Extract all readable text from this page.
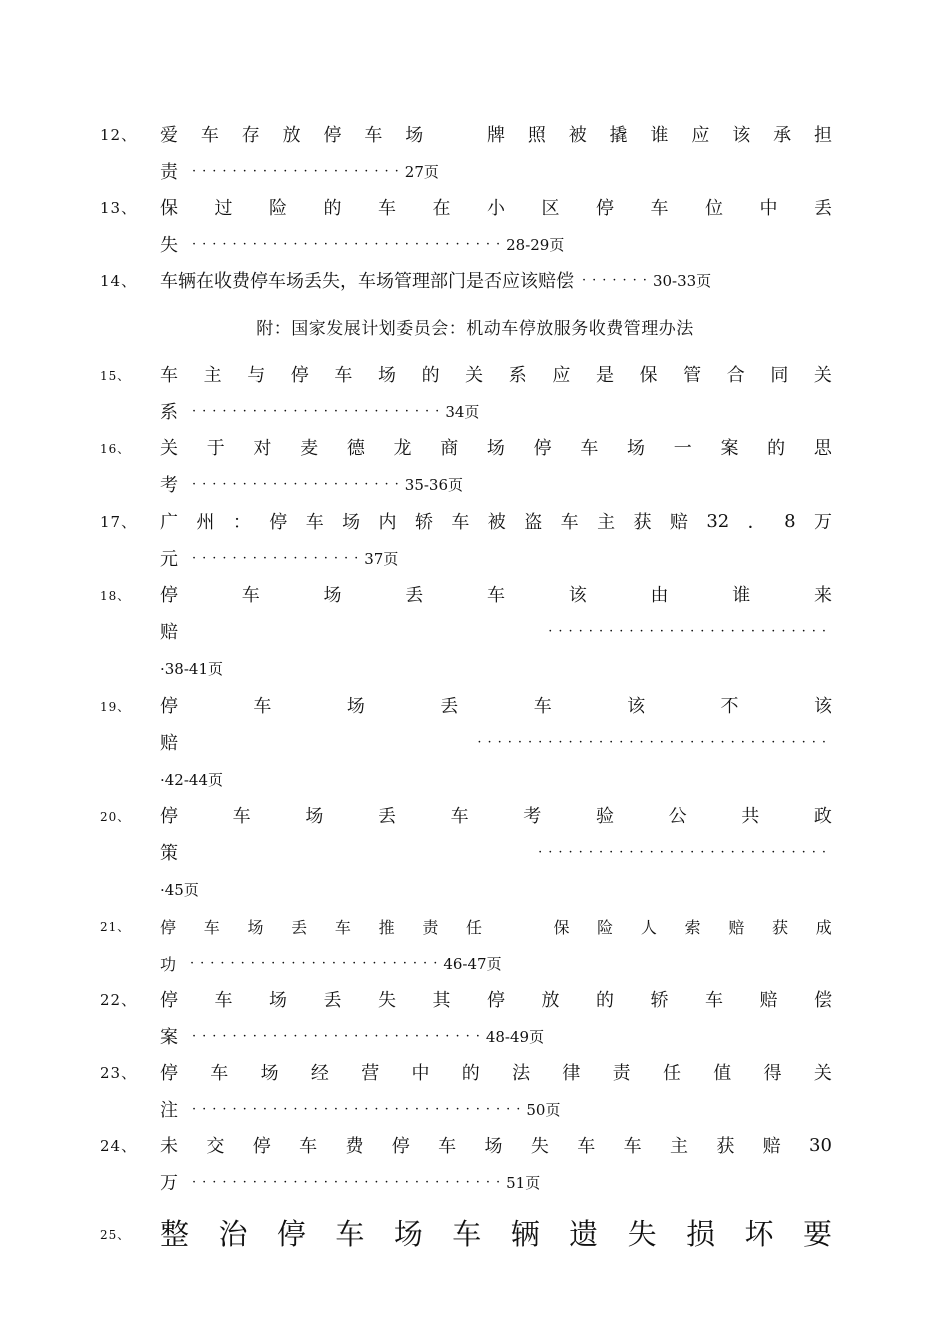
12、 爱 车 存 放 停 车 场
　	牌 照 被 撬 谁 应 该 承 担
责 ····················· 27页
13、 保 过 险 的 车 在 小 区 停 车 位 中 丢
失 ······························· 28-29页
14、 车辆在收费停车场丢失，车场管理部门是否应该赔偿 ······· 30-33页
附：国家发展计划委员会：机动车停放服务收费管理办法
15、 车 主 与 停 车 场 的 关 系 应 是 保 管 合 同 关
系 ························· 34页
16、 关 于 对 麦 德 龙 商 场 停 车 场 一 案 的 思
考 ····················· 35-36页
17、 广 州 ： 停 车 场 内 轿 车 被 盗 车 主 获 赔 32 ． 8 万
元 ················· 37页
18、 停	车	场	丢	车	该	由	谁	来
赔	····························
·38-41页
19、 停	车	场	丢	车	该	不	该
赔	···································
·42-44页
20、 停	车	场	丢	车	考	验	公	共	政
策	·····························
·45页
21、 停 车 场 丢 车 推 责 任
　	保 险 人 索 赔 获 成
功 ························· 46-47页
22、 停 车 场 丢 失 其 停 放 的 轿 车 赔 偿
案 ····························· 48-49页
23、 停 车 场 经 营 中 的 法 律 责 任 值 得 关
注 ································· 50页
24、 未 交 停 车 费 停 车 场 失 车 车 主 获 赔 30
万 ······························· 51页
25、 整 治 停 车 场 车 辆 遗 失 损 坏 要
